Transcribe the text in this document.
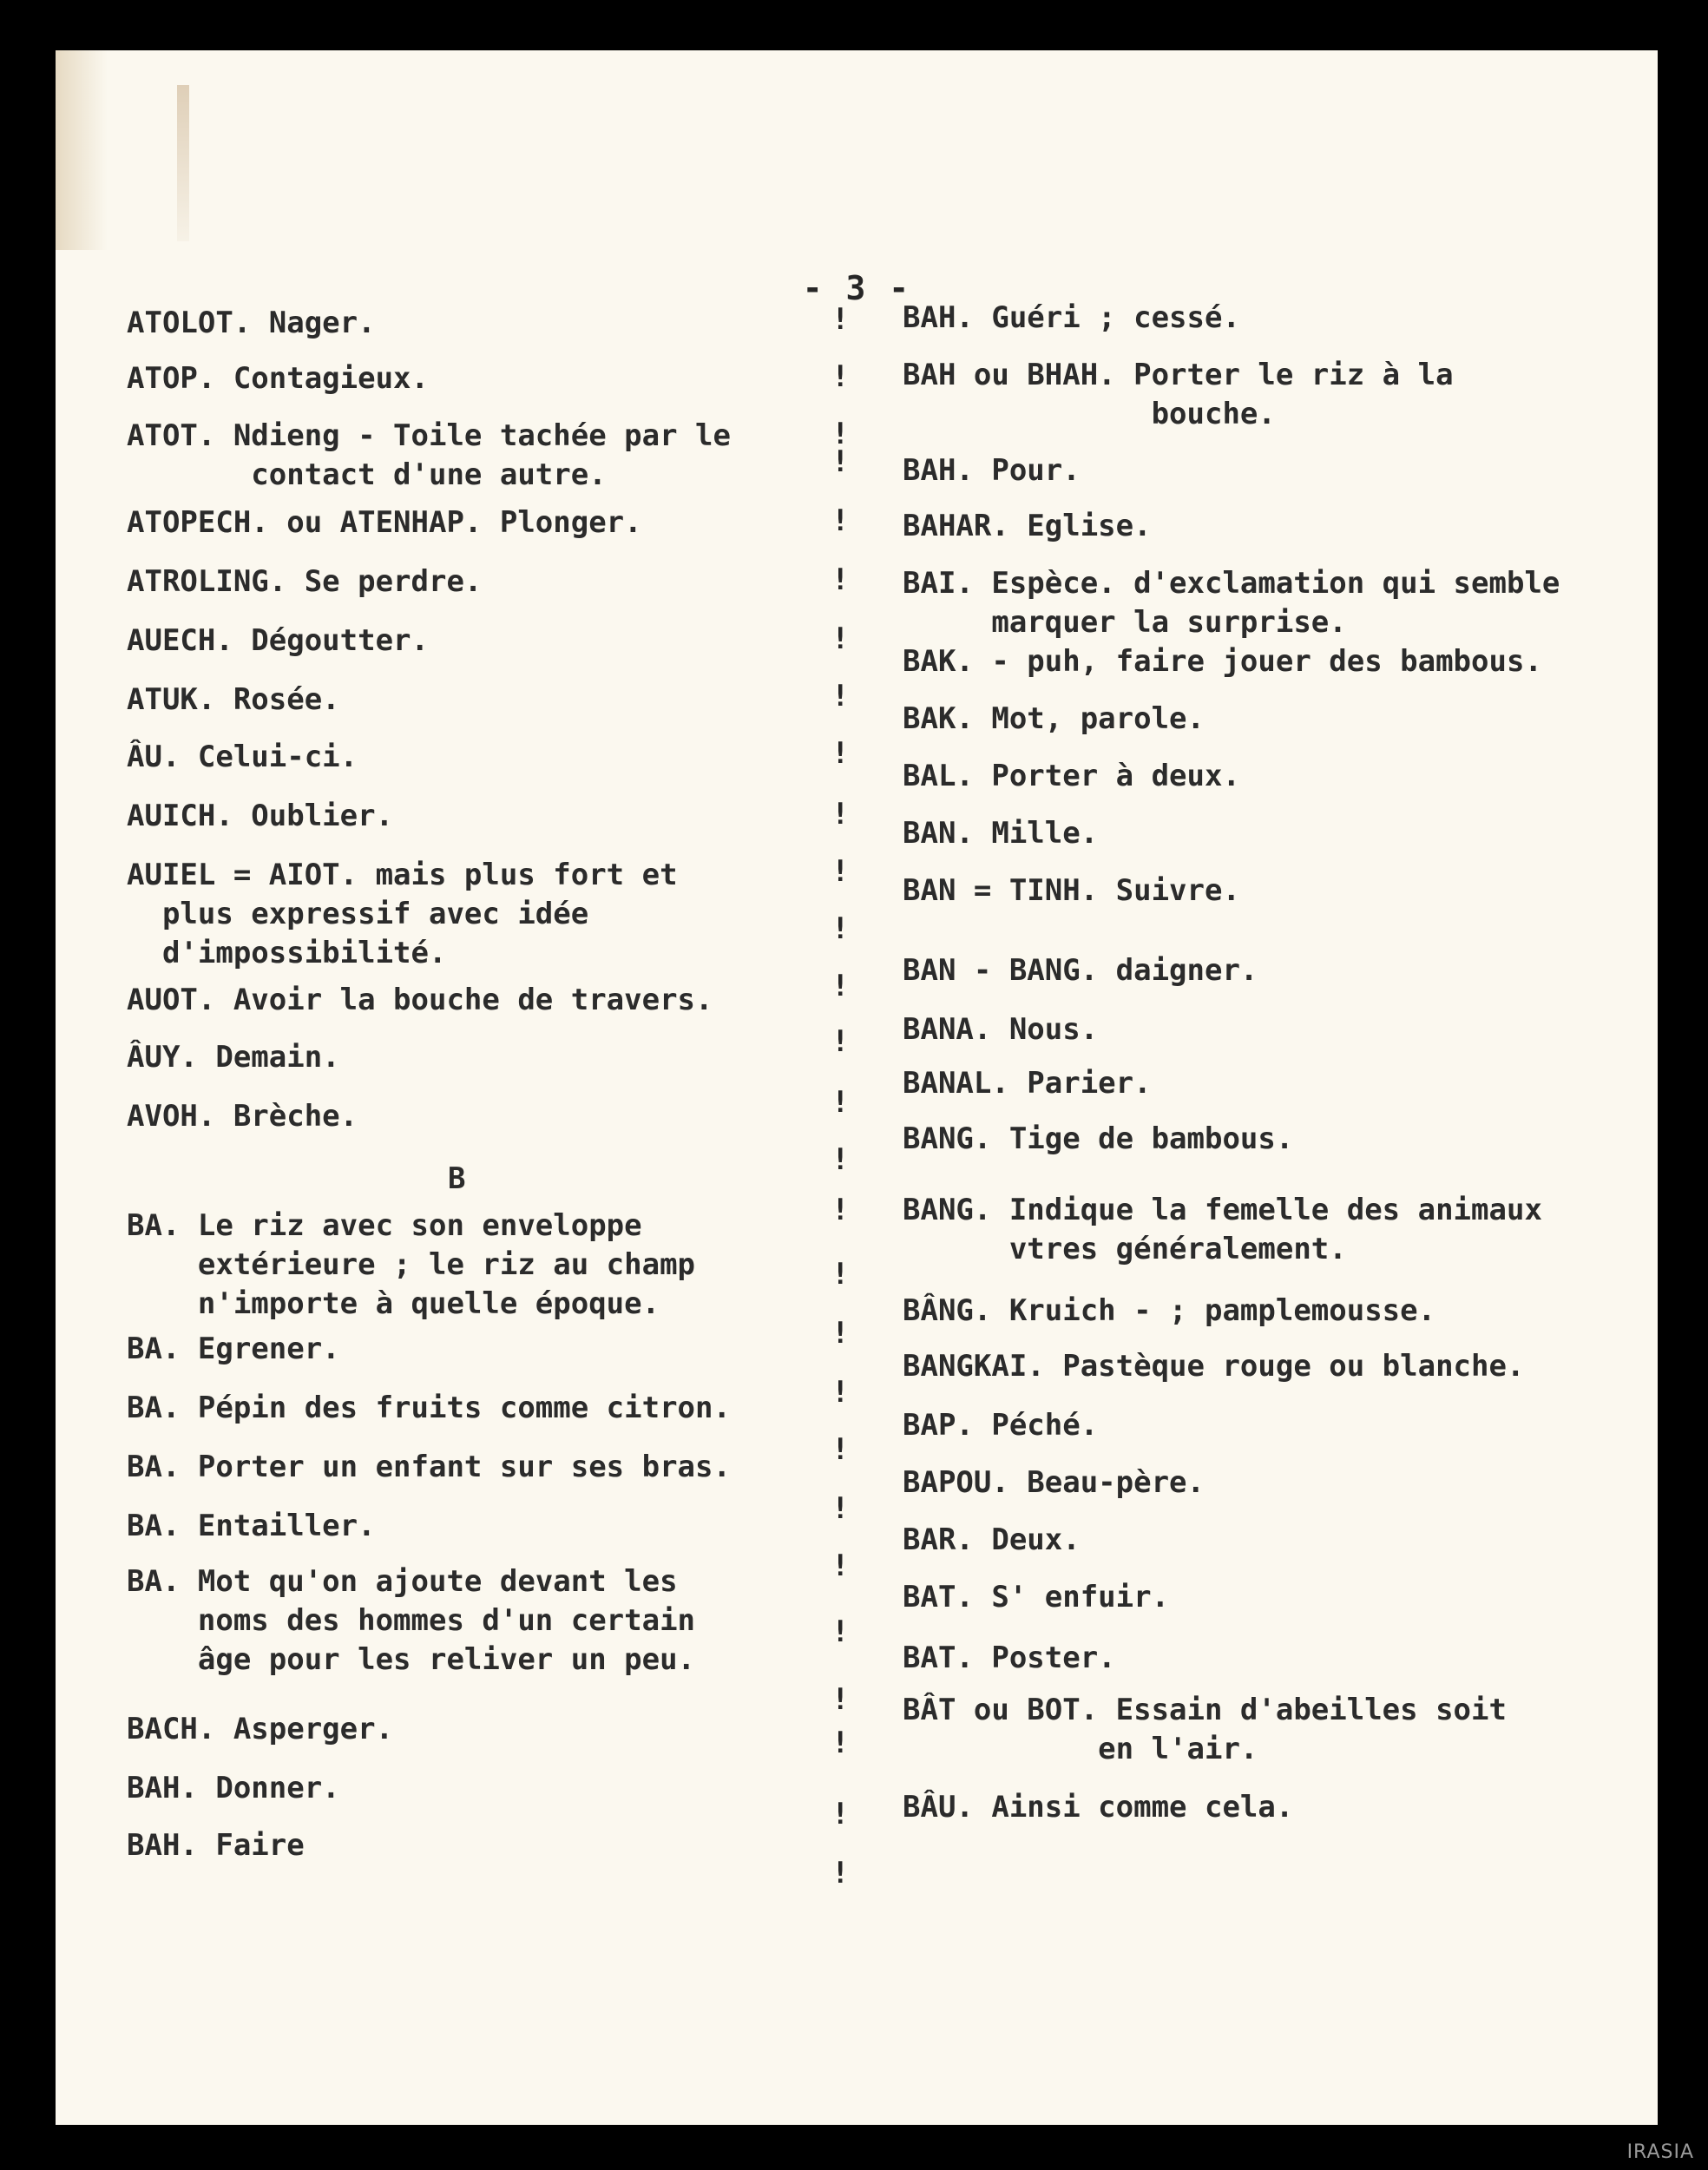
- 3 -
ATOLOT. Nager.
ATOP. Contagieux.
ATOT. Ndieng - Toile tachée par le
contact d'une autre.
ATOPECH. ou ATENHAP. Plonger.
ATROLING. Se perdre.
AUECH. Dégoutter.
ATUK. Rosée.
ÂU. Celui-ci.
AUICH. Oublier.
AUIEL = AIOT. mais plus fort et
plus expressif avec idée
d'impossibilité.
AUOT. Avoir la bouche de travers.
ÂUY. Demain.
AVOH. Brèche.
B
BA. Le riz avec son enveloppe
extérieure ; le riz au champ
n'importe à quelle époque.
BA. Egrener.
BA. Pépin des fruits comme citron.
BA. Porter un enfant sur ses bras.
BA. Entailler.
BA. Mot qu'on ajoute devant les
noms des hommes d'un certain
âge pour les reliver un peu.
BACH. Asperger.
BAH. Donner.
BAH. Faire
!
!
!
!
!
!
!
!
!
!
!
!
!
!
!
!
!
!
!
!
!
!
!
!
!
!
!
!
BAH. Guéri ; cessé.
BAH ou BHAH. Porter le riz à la
bouche.
BAH. Pour.
BAHAR. Eglise.
BAI. Espèce. d'exclamation qui semble
marquer la surprise.
BAK. - puh, faire jouer des bambous.
BAK. Mot, parole.
BAL. Porter à deux.
BAN. Mille.
BAN = TINH. Suivre.
BAN - BANG. daigner.
BANA. Nous.
BANAL. Parier.
BANG. Tige de bambous.
BANG. Indique la femelle des animaux
vtres généralement.
BÂNG. Kruich - ; pamplemousse.
BANGKAI. Pastèque rouge ou blanche.
BAP. Péché.
BAPOU. Beau-père.
BAR. Deux.
BAT. S' enfuir.
BAT. Poster.
BÂT ou BOT. Essain d'abeilles soit
en l'air.
BÂU. Ainsi comme cela.
IRASIA
